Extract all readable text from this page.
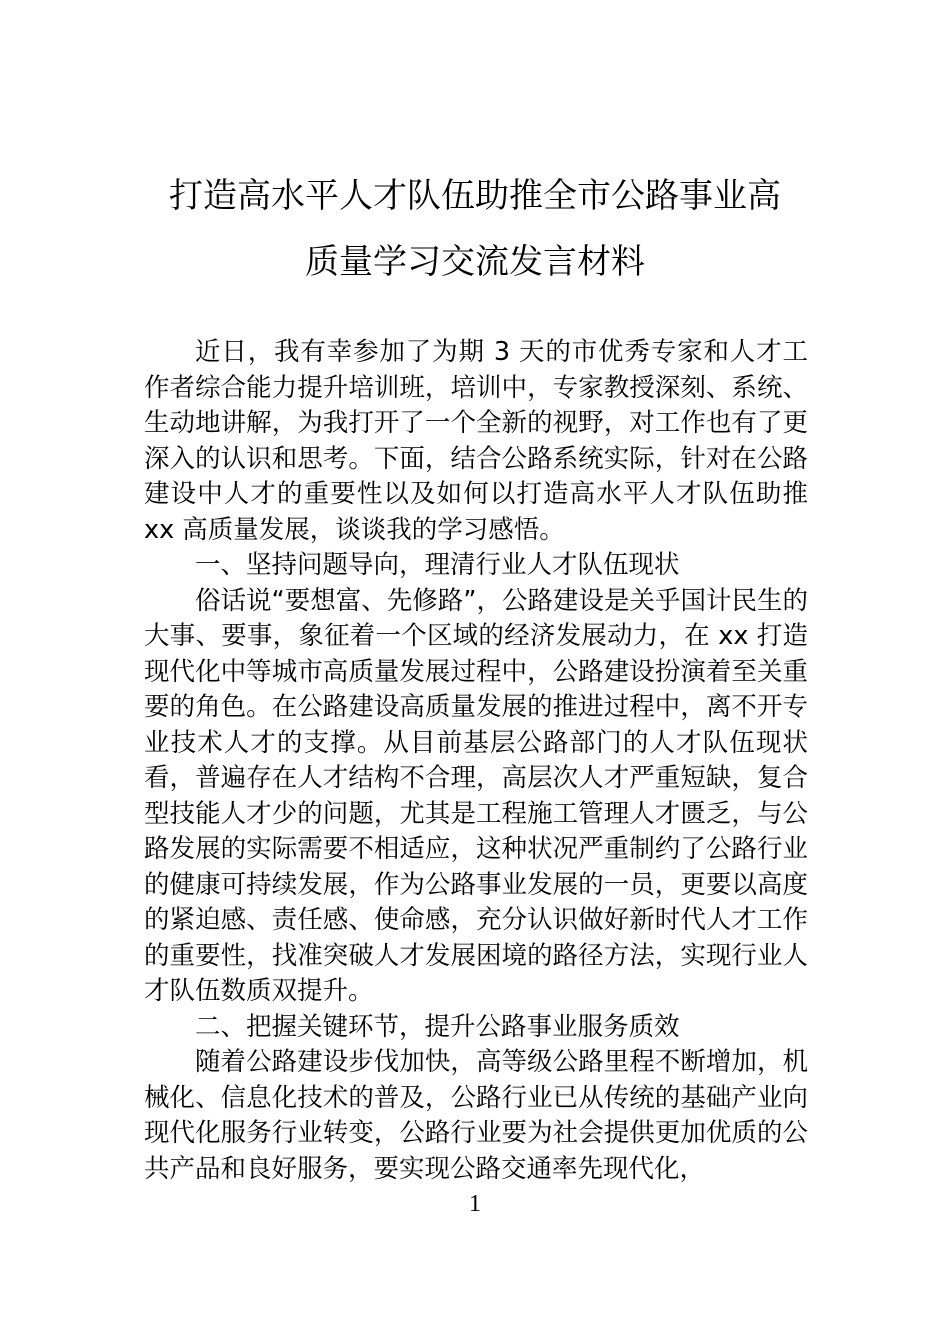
打造高水平人才队伍助推全市公路事业高
质量学习交流发言材料

近日，我有幸参加了为期 3 天的市优秀专家和人才工作者综合能力提升培训班，培训中，专家教授深刻、系统、生动地讲解，为我打开了一个全新的视野，对工作也有了更深入的认识和思考。下面，结合公路系统实际，针对在公路建设中人才的重要性以及如何以打造高水平人才队伍助推 xx 高质量发展，谈谈我的学习感悟。

一、坚持问题导向，理清行业人才队伍现状

俗话说“要想富、先修路”，公路建设是关乎国计民生的大事、要事，象征着一个区域的经济发展动力，在 xx 打造现代化中等城市高质量发展过程中，公路建设扮演着至关重要的角色。在公路建设高质量发展的推进过程中，离不开专业技术人才的支撑。从目前基层公路部门的人才队伍现状看，普遍存在人才结构不合理，高层次人才严重短缺，复合型技能人才少的问题，尤其是工程施工管理人才匮乏，与公路发展的实际需要不相适应，这种状况严重制约了公路行业的健康可持续发展，作为公路事业发展的一员，更要以高度的紧迫感、责任感、使命感，充分认识做好新时代人才工作的重要性，找准突破人才发展困境的路径方法，实现行业人才队伍数质双提升。

二、把握关键环节，提升公路事业服务质效

随着公路建设步伐加快，高等级公路里程不断增加，机械化、信息化技术的普及，公路行业已从传统的基础产业向现代化服务行业转变，公路行业要为社会提供更加优质的公共产品和良好服务，要实现公路交通率先现代化，

1
